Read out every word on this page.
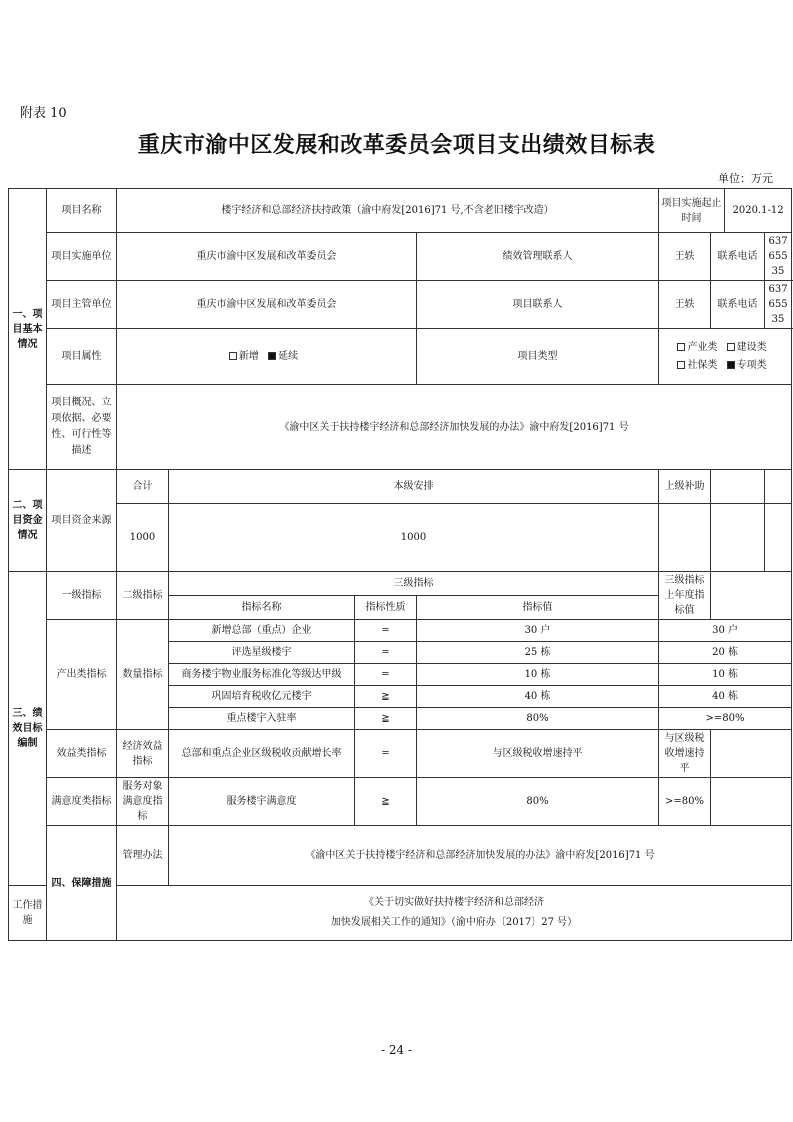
附表 10
重庆市渝中区发展和改革委员会项目支出绩效目标表
单位：万元
一、项目基本情况	项目名称	楼宇经济和总部经济扶持政策（渝中府发[2016]71 号,不含老旧楼宇改造）				项目实施起止时间		2020.1-12	
	项目实施单位	重庆市渝中区发展和改革委员会			绩效管理联系人	王轶	联系电话		63765535
	项目主管单位	重庆市渝中区发展和改革委员会			项目联系人	王轶	联系电话		63765535
	项目属性	新增 延续			项目类型	产业类 建设类 社保类 专项类			
	项目概况、立项依据、必要性、可行性等描述	《渝中区关于扶持楼宇经济和总部经济加快发展的办法》渝中府发[2016]71 号							
二、项目资金情况	项目资金来源	合计	本级安排			上级补助			
		1000	1000						
三、绩效目标编制	一级指标	二级指标	三级指标			三级指标上年度指标值			
			指标名称	指标性质	指标值				
	产出类指标	数量指标	新增总部（重点）企业	=	30 户	30 户			
			评选星级楼宇	=	25 栋	20 栋			
			商务楼宇物业服务标准化等级达甲级	=	10 栋	10 栋			
			巩固培育税收亿元楼宇	≧	40 栋	40 栋			
			重点楼宇入驻率	≧	80%	>=80%			
	效益类指标	经济效益指标	总部和重点企业区级税收贡献增长率	=	与区级税收增速持平	与区级税收增速持平			
	满意度类指标	服务对象满意度指标	服务楼宇满意度	≧	80%	>=80%			
	四、保障措施	管理办法	《渝中区关于扶持楼宇经济和总部经济加快发展的办法》渝中府发[2016]71 号						
工作措施		《关于切实做好扶持楼宇经济和总部经济
加快发展相关工作的通知》（渝中府办〔2017〕27 号）							
- 24 -
